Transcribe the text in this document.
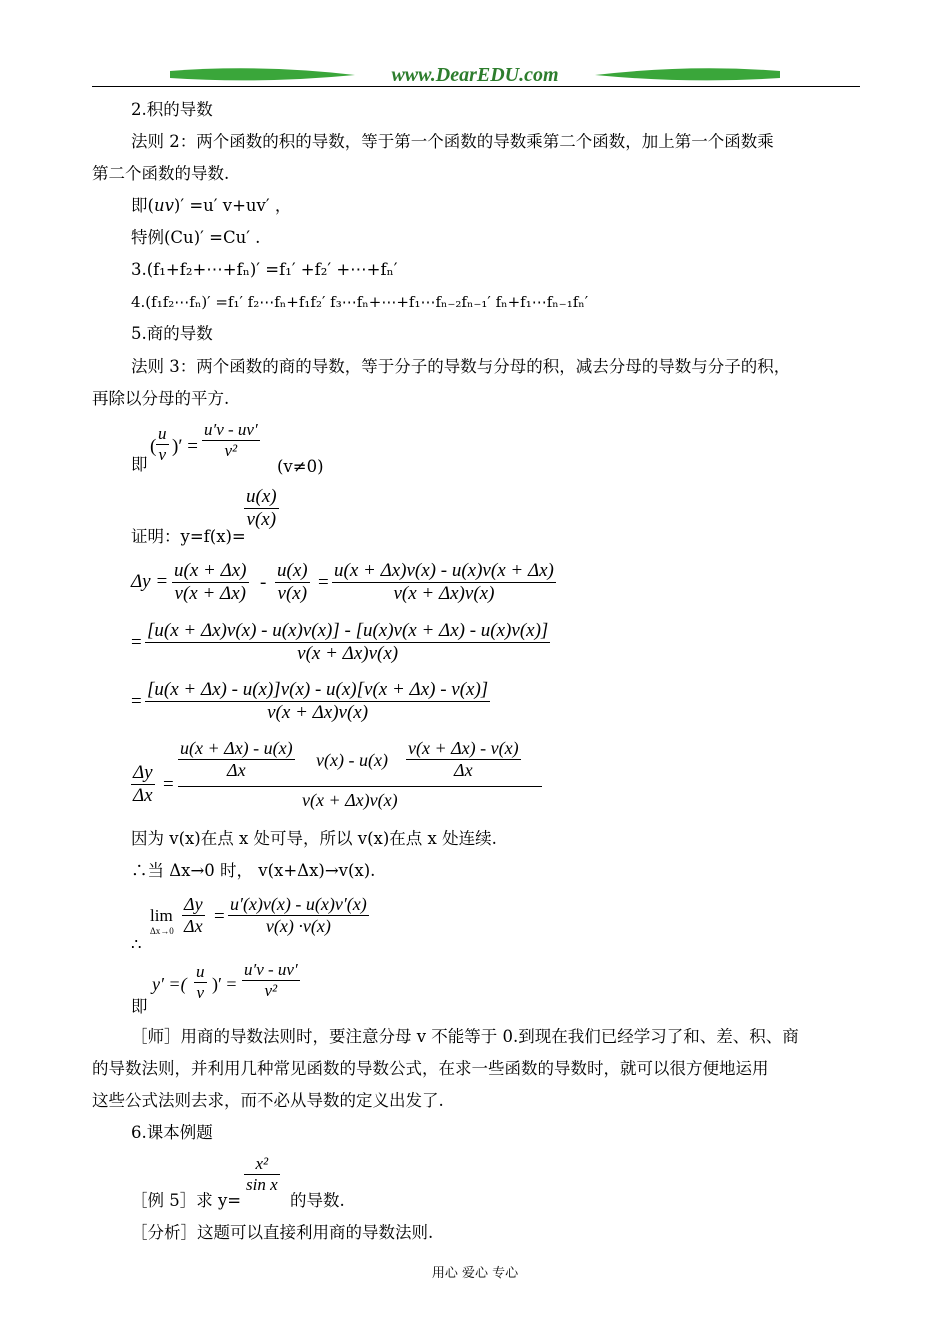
www.DearEDU.com
2.积的导数
法则 2：两个函数的积的导数，等于第一个函数的导数乘第二个函数，加上第一个函数乘
第二个函数的导数.
即(uv)′ =u′ v+uv′ ，
特例(Cu)′ =Cu′ .
3.(f₁+f₂+⋯+fₙ)′ =f₁′ +f₂′ +⋯+fₙ′
4.(f₁f₂⋯fₙ)′ =f₁′ f₂⋯fₙ+f₁f₂′ f₃⋯fₙ+⋯+f₁⋯fₙ₋₂fₙ₋₁′ fₙ+f₁⋯fₙ₋₁fₙ′
5.商的导数
法则 3：两个函数的商的导数，等于分子的导数与分母的积，减去分母的导数与分子的积，
再除以分母的平方.
即
( $\frac{u}{v}$ )′ = $\frac{u'v - uv'}{\text{v²}}$
(v≠0)
证明：y=f(x)=
$\frac{u(x)}{v(x)}$
$\Delta y = \frac{u(x + \Delta x)}{v(x + \Delta x)} - \frac{u(x)}{v(x)} = \frac{u(x + \Delta x)v(x) - u(x)v(x + \Delta x)}{v(x + \Delta x)v(x)}$
= $\frac{[u(x + \Delta x)v(x) - u(x)v(x)] - [u(x)v(x + \Delta x) - u(x)v(x)]}{v(x + \Delta x)v(x)}$
= $\frac{[u(x + \Delta x) - u(x)]v(x) - u(x)[v(x + \Delta x) - v(x)]}{v(x + \Delta x)v(x)}$
$\frac{\Delta y}{\Delta x}$ =
$\frac{u(x + \Delta x) - u(x)}{\Delta x} v(x) - u(x) \frac{v(x + \Delta x) - v(x)}{\Delta x}$
v(x + Δx)v(x)
因为 v(x)在点 x 处可导，所以 v(x)在点 x 处连续.
∴当 Δx→0 时， v(x+Δx)→v(x).
∴
lim
$\Delta x\to 0 \frac{\Delta y}{\Delta x} = \frac{u'(x)v(x) - u(x)v'(x)}{v(x) \cdot v(x)}$
即
y′ =( $\frac{u}{v}$ )′ = $\frac{u'v - uv'}{\text{v²}}$
［师］用商的导数法则时，要注意分母 v 不能等于 0.到现在我们已经学习了和、差、积、商
的导数法则，并利用几种常见函数的导数公式，在求一些函数的导数时，就可以很方便地运用
这些公式法则去求，而不必从导数的定义出发了.
6.课本例题
［例 5］求 y=
$\frac{\text{x²}}{\text{sin x}}$
的导数.
［分析］这题可以直接利用商的导数法则.
用心 爱心 专心
